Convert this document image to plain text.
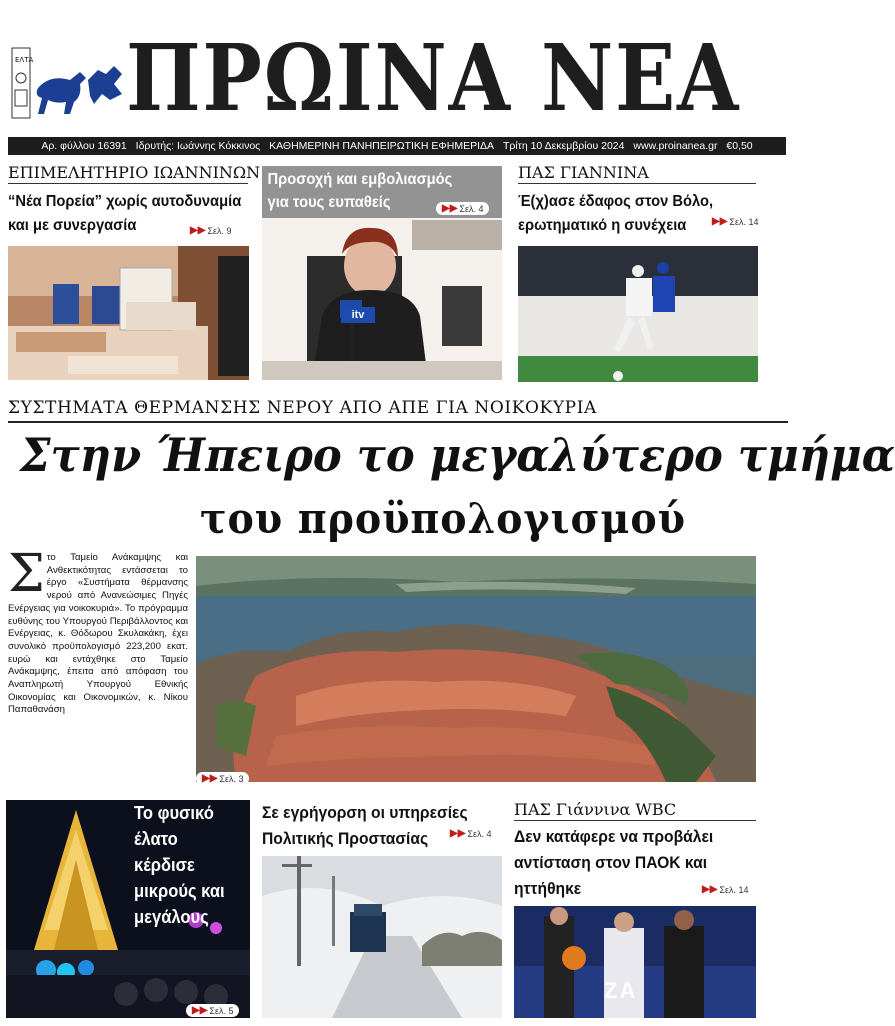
ΕΛΤΑ ΠΡΩΙΝΑ ΝΕΑ
Αρ. φύλλου 16391 Ιδρυτής: Ιωάννης Κόκκινος ΚΑΘΗΜΕΡΙΝΗ ΠΑΝΗΠΕΙΡΩΤΙΚΗ ΕΦΗΜΕΡΙΔΑ Τρίτη 10 Δεκεμβρίου 2024 www.proinanea.gr €0,50
ΕΠΙΜΕΛΗΤΗΡΙΟ ΙΩΑΝΝΙΝΩΝ
“Νέα Πορεία” χωρίς αυτοδυναμία και με συνεργασία	▶▶ Σελ. 9
Προσοχή και εμβολιασμός για τους ευπαθείς	▶▶ Σελ. 4
itv
ΠΑΣ ΓΙΑΝΝΙΝΑ
Έ(χ)ασε έδαφος στον Βόλο, ερωτηματικό η συνέχεια	▶▶ Σελ. 14
ΣΥΣΤΗΜΑΤΑ ΘΕΡΜΑΝΣΗΣ ΝΕΡΟΥ ΑΠΟ ΑΠΕ ΓΙΑ ΝΟΙΚΟΚΥΡΙΑ
Στην Ήπειρο το μεγαλύτερο τμήμα
του προϋπολογισμού
Στο Ταμείο Ανάκαμψης και Ανθεκτικότητας εντάσσεται το έργο «Συστήματα θέρμανσης νερού από Ανανεώσιμες Πηγές Ενέργειας για νοικοκυριά». Το πρόγραμμα ευθύνης του Υπουργού Περιβάλλοντος και Ενέργειας, κ. Θόδωρου Σκυλακάκη, έχει συνολικό προϋπολογισμό 223,200 εκατ. ευρώ και εντάχθηκε στο Ταμείο Ανάκαμψης, έπειτα από απόφαση του Αναπληρωτή Υπουργού Εθνικής Οικονομίας και Οικονομικών, κ. Νίκου Παπαθανάση
▶▶ Σελ. 3
Το φυσικό έλατο κέρδισε μικρούς και μεγάλους
▶▶ Σελ. 5
Σε εγρήγορση οι υπηρεσίες Πολιτικής Προστασίας	▶▶ Σελ. 4
ΠΑΣ Γιάννινα WBC
Δεν κατάφερε να προβάλει αντίσταση στον ΠΑΟΚ και ηττήθηκε	▶▶ Σελ. 14
ZA
